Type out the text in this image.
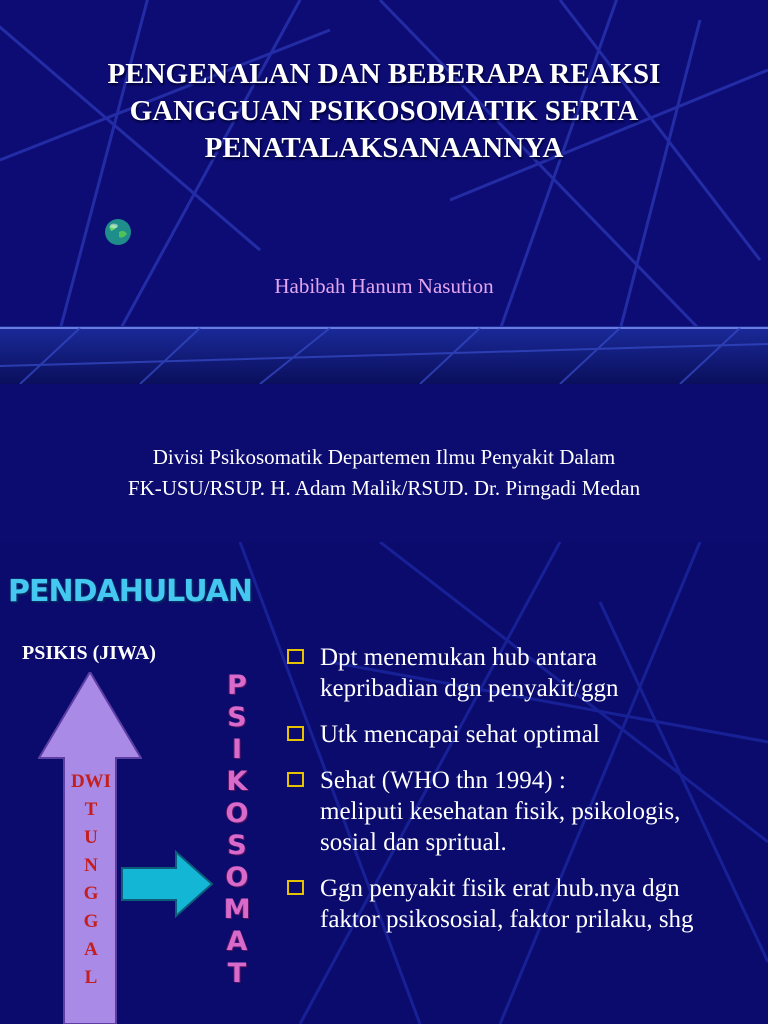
PENGENALAN DAN BEBERAPA REAKSI
GANGGUAN PSIKOSOMATIK SERTA
PENATALAKSANAANNYA
Habibah Hanum Nasution
Divisi Psikosomatik Departemen Ilmu Penyakit Dalam
FK-USU/RSUP. H. Adam Malik/RSUD. Dr. Pirngadi Medan
PENDAHULUAN
PSIKIS (JIWA)
DWI
T
U
N
G
G
A
L
P
S
I
K
O
S
O
M
A
T
Dpt menemukan hub antara
kepribadian dgn penyakit/ggn
Utk mencapai sehat optimal
Sehat (WHO thn 1994) :
meliputi kesehatan fisik, psikologis,
sosial dan spritual.
Ggn penyakit fisik erat hub.nya dgn
faktor psikososial, faktor prilaku, shg
